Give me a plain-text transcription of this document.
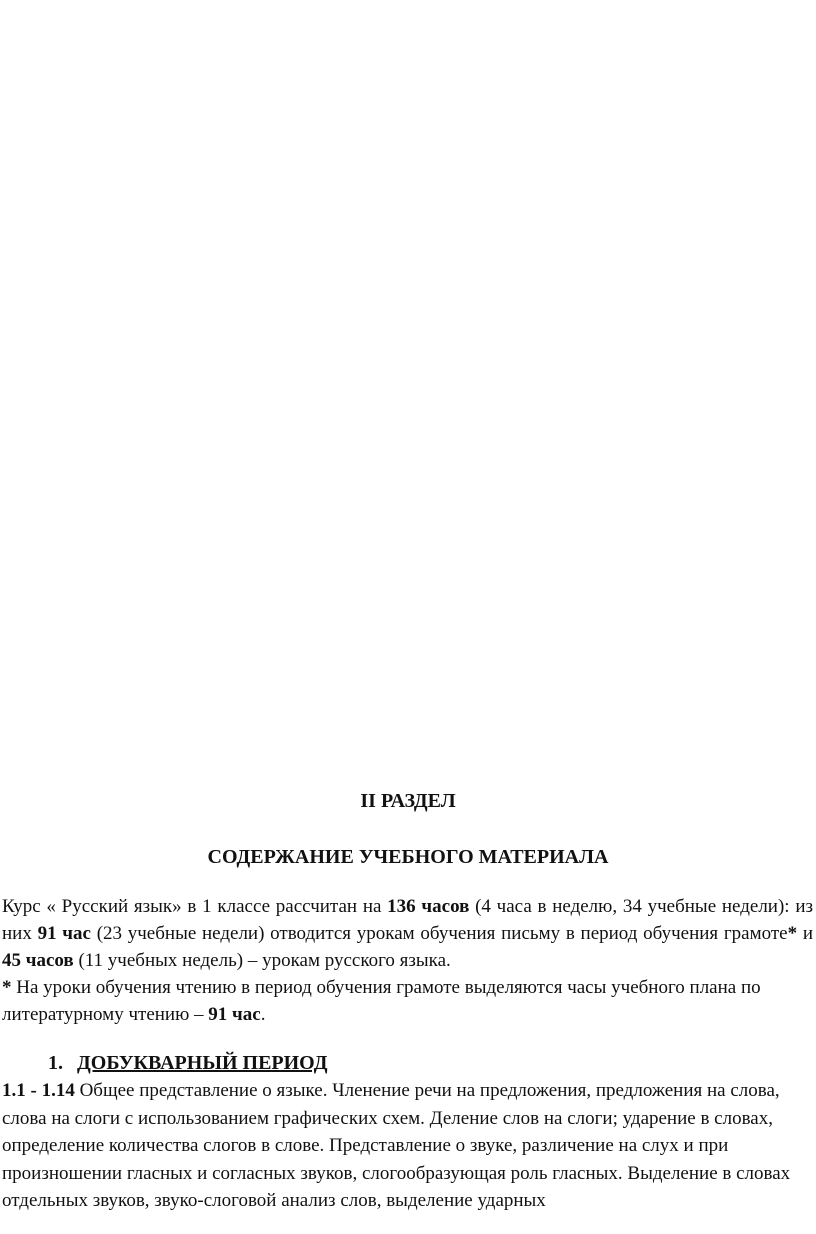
II РАЗДЕЛ
СОДЕРЖАНИЕ УЧЕБНОГО МАТЕРИАЛА

Курс « Русский язык» в 1 классе рассчитан на 136 часов (4 часа в неделю, 34 учебные недели): из них 91 час (23 учебные недели) отводится урокам обучения письму в период обучения грамоте* и 45 часов (11 учебных недель) – урокам русского языка.

* На уроки обучения чтению в период обучения грамоте выделяются часы учебного плана по литературному чтению – 91 час.

1. ДОБУКВАРНЫЙ ПЕРИОД

1.1 - 1.14 Общее представление о языке. Членение речи на предложения, предложения на слова, слова на слоги с использованием графических схем. Деление слов на слоги; ударение в словах, определение количества слогов в слове. Представление о звуке, различение на слух и при произношении гласных и согласных звуков, слогообразующая роль гласных. Выделение в словах отдельных звуков, звуко-слоговой анализ слов, выделение ударных
